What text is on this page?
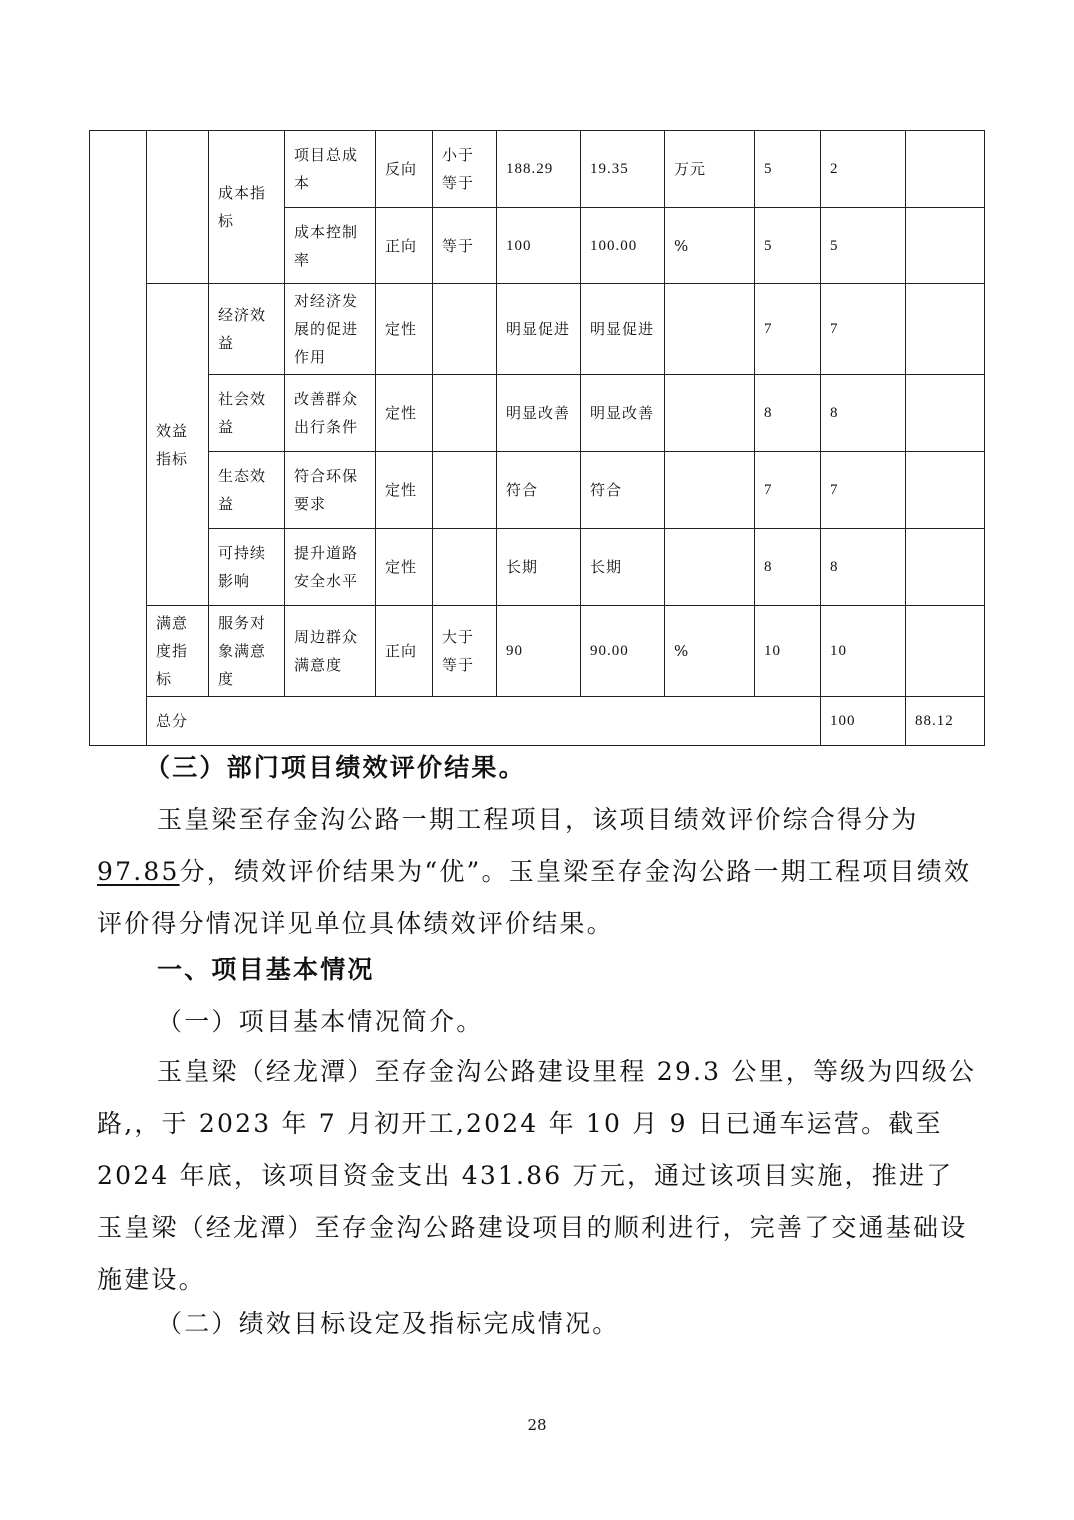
		成本指标	项目总成本	反向	小于等于	188.29	19.35	万元	5	2		
			成本控制率	正向	等于	100	100.00	%	5	5		
	效益指标	经济效益	对经济发展的促进作用	定性		明显促进	明显促进		7	7		
		社会效益	改善群众出行条件	定性		明显改善	明显改善		8	8		
		生态效益	符合环保要求	定性		符合	符合		7	7		
		可持续影响	提升道路安全水平	定性		长期	长期		8	8		
	满意度指标	服务对象满意度	周边群众满意度	正向	大于等于	90	90.00	%	10	10		
	总分									100	88.12	
（三）部门项目绩效评价结果。
玉皇梁至存金沟公路一期工程项目，该项目绩效评价综合得分为97.85分，绩效评价结果为“优”。玉皇梁至存金沟公路一期工程项目绩效评价得分情况详见单位具体绩效评价结果。
一、项目基本情况
（一）项目基本情况简介。
玉皇梁（经龙潭）至存金沟公路建设里程 29.3 公里，等级为四级公路,，于 2023 年 7 月初开工,2024 年 10 月 9 日已通车运营。截至 2024 年底，该项目资金支出 431.86 万元，通过该项目实施，推进了玉皇梁（经龙潭）至存金沟公路建设项目的顺利进行，完善了交通基础设施建设。
（二）绩效目标设定及指标完成情况。
28
